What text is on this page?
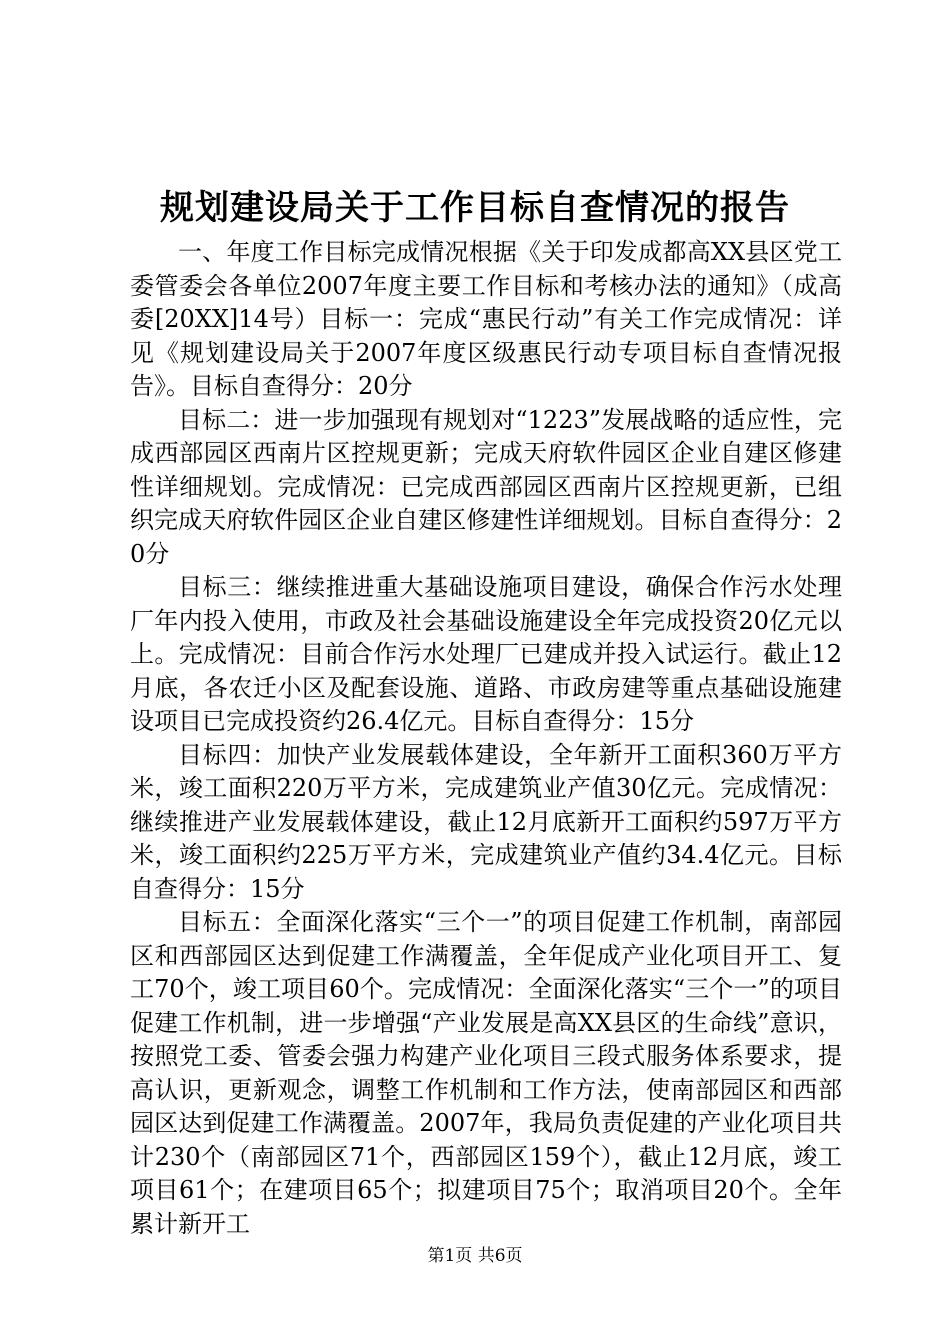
规划建设局关于工作目标自查情况的报告

一、年度工作目标完成情况根据《关于印发成都高XX县区党工委管委会各单位2007年度主要工作目标和考核办法的通知》（成高委[20XX]14号）目标一：完成“惠民行动”有关工作完成情况：详见《规划建设局关于2007年度区级惠民行动专项目标自查情况报告》。目标自查得分：20分

目标二：进一步加强现有规划对“1223”发展战略的适应性，完成西部园区西南片区控规更新；完成天府软件园区企业自建区修建性详细规划。完成情况：已完成西部园区西南片区控规更新，已组织完成天府软件园区企业自建区修建性详细规划。目标自查得分：20分

目标三：继续推进重大基础设施项目建设，确保合作污水处理厂年内投入使用，市政及社会基础设施建设全年完成投资20亿元以上。完成情况：目前合作污水处理厂已建成并投入试运行。截止12月底，各农迁小区及配套设施、道路、市政房建等重点基础设施建设项目已完成投资约26.4亿元。目标自查得分：15分

目标四：加快产业发展载体建设，全年新开工面积360万平方米，竣工面积220万平方米，完成建筑业产值30亿元。完成情况：继续推进产业发展载体建设，截止12月底新开工面积约597万平方米，竣工面积约225万平方米，完成建筑业产值约34.4亿元。目标自查得分：15分

目标五：全面深化落实“三个一”的项目促建工作机制，南部园区和西部园区达到促建工作满覆盖，全年促成产业化项目开工、复工70个，竣工项目60个。完成情况：全面深化落实“三个一”的项目促建工作机制，进一步增强“产业发展是高XX县区的生命线”意识，按照党工委、管委会强力构建产业化项目三段式服务体系要求，提高认识，更新观念，调整工作机制和工作方法，使南部园区和西部园区达到促建工作满覆盖。2007年，我局负责促建的产业化项目共计230个（南部园区71个，西部园区159个），截止12月底，竣工项目61个；在建项目65个；拟建项目75个；取消项目20个。全年累计新开工

第1页 共6页
